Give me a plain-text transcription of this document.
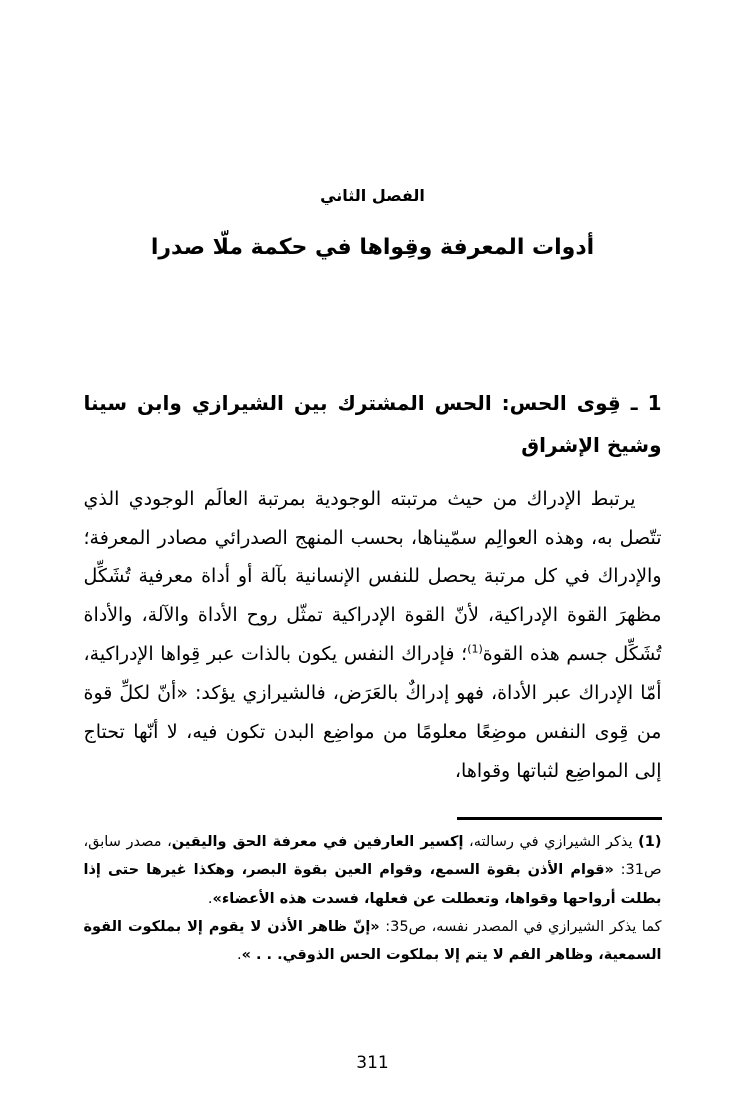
الفصل الثاني
أدوات المعرفة وقِواها في حكمة ملّا صدرا
1 ـ قِوى الحس: الحس المشترك بين الشيرازي وابن سينا وشيخ الإشراق

يرتبط الإدراك من حيث مرتبته الوجودية بمرتبة العالَم الوجودي الذي تتّصل به، وهذه العوالِم سمّيناها، بحسب المنهج الصدرائي مصادر المعرفة؛ والإدراك في كل مرتبة يحصل للنفس الإنسانية بآلة أو أداة معرفية تُشَكِّل مظهرَ القوة الإدراكية، لأنّ القوة الإدراكية تمثّل روح الأداة والآلة، والأداة تُشَكِّل جسم هذه القوة$^{(1)}$؛ فإدراك النفس يكون بالذات عبر قِواها الإدراكية، أمّا الإدراك عبر الأداة، فهو إدراكٌ بالعَرَض، فالشيرازي يؤكد: «أنّ لكلِّ قوة من قِوى النفس موضِعًا معلومًا من مواضِع البدن تكون فيه، لا أنّها تحتاج إلى المواضِع لثباتها وقواها،

(1) يذكر الشيرازي في رسالته، إكسير العارفين في معرفة الحق واليقين، مصدر سابق، ص31: «قوام الأذن بقوة السمع، وقوام العين بقوة البصر، وهكذا غيرها حتى إذا بطلت أرواحها وقواها، وتعطلت عن فعلها، فسدت هذه الأعضاء».

كما يذكر الشيرازي في المصدر نفسه، ص35: «إنّ ظاهر الأذن لا يقوم إلا بملكوت القوة السمعية، وظاهر الفم لا يتم إلا بملكوت الحس الذوقي. . . ».

311
